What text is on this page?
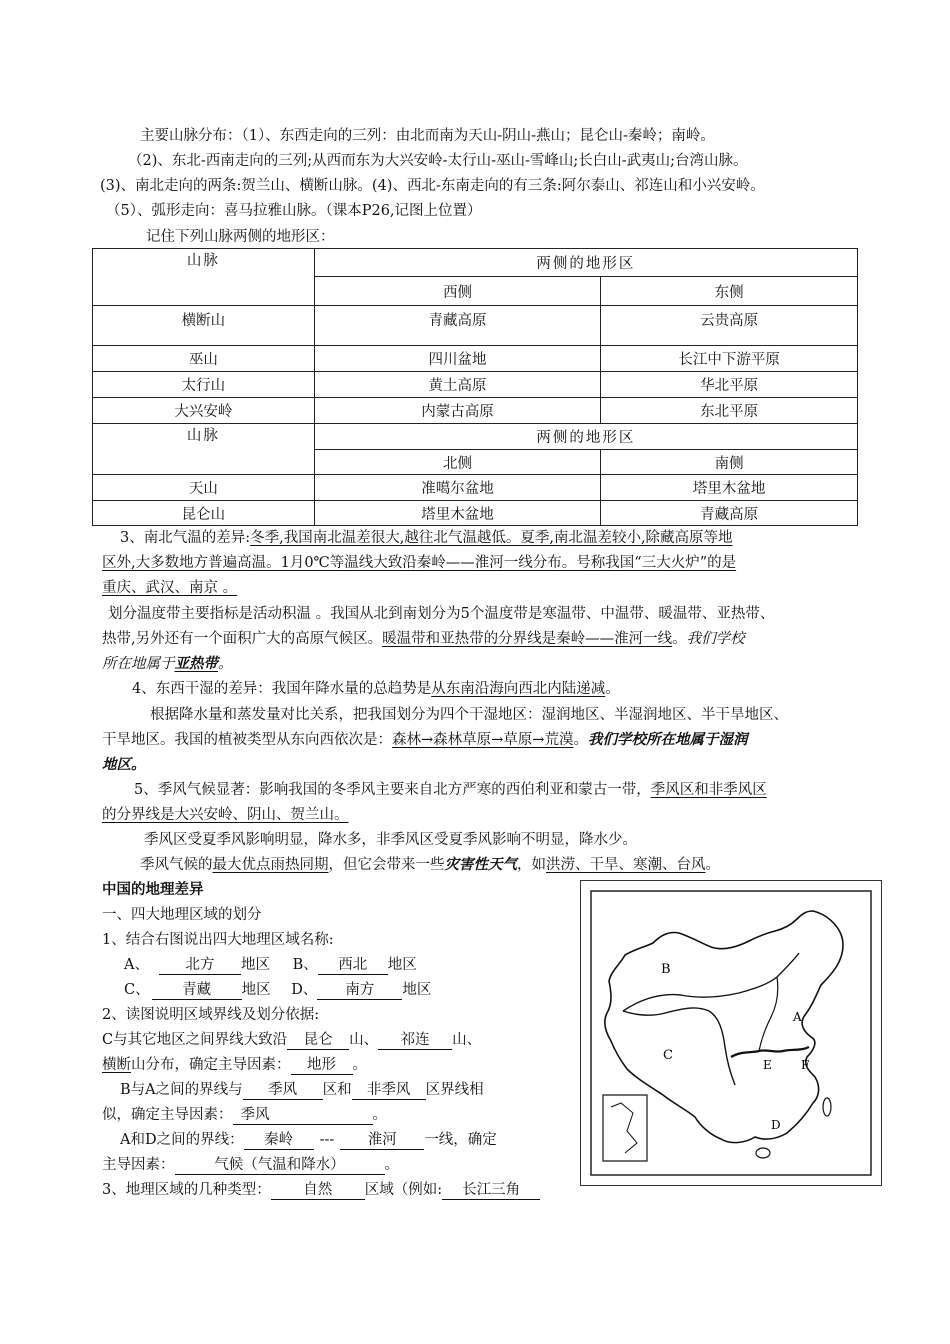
主要山脉分布：（1）、东西走向的三列：由北而南为天山-阴山-燕山；昆仑山-秦岭；南岭。
（2)、东北-西南走向的三列;从西而东为大兴安岭-太行山-巫山-雪峰山;长白山-武夷山;台湾山脉。
(3)、南北走向的两条:贺兰山、横断山脉。(4)、西北-东南走向的有三条:阿尔泰山、祁连山和小兴安岭。
（5）、弧形走向：喜马拉雅山脉。（课本P26,记图上位置）
记住下列山脉两侧的地形区：
山脉	两侧的地形区	
	西侧	东侧
横断山	青藏高原	云贵高原
巫山	四川盆地	长江中下游平原
太行山	黄土高原	华北平原
大兴安岭	内蒙古高原	东北平原
山脉	两侧的地形区	
	北侧	南侧
天山	准噶尔盆地	塔里木盆地
昆仑山	塔里木盆地	青藏高原
3、南北气温的差异:冬季,我国南北温差很大,越往北气温越低。夏季,南北温差较小,除藏高原等地
区外,大多数地方普遍高温。1月0℃等温线大致沿秦岭——淮河一线分布。号称我国“三大火炉”的是
重庆、武汉、南京 。
划分温度带主要指标是活动积温 。我国从北到南划分为5个温度带是寒温带、中温带、暖温带、亚热带、
热带,另外还有一个面积广大的高原气候区。暖温带和亚热带的分界线是秦岭——淮河一线。我们学校
所在地属于亚热带。
4、东西干湿的差异：我国年降水量的总趋势是从东南沿海向西北内陆递减。
根据降水量和蒸发量对比关系，把我国划分为四个干湿地区：湿润地区、半湿润地区、半干旱地区、
干旱地区。我国的植被类型从东向西依次是：森林→森林草原→草原→荒漠。我们学校所在地属于湿润
地区。
5、季风气候显著：影响我国的冬季风主要来自北方严寒的西伯利亚和蒙古一带，季风区和非季风区
的分界线是大兴安岭、阴山、贺兰山。
季风区受夏季风影响明显，降水多，非季风区受夏季风影响不明显，降水少。
季风气候的最大优点雨热同期，但它会带来一些灾害性天气，如洪涝、干旱、寒潮、台风。
中国的地理差异
一、四大地理区域的划分
1、结合右图说出四大地理区域名称:
A、	北方 地区 B、 西北 地区
C、 青藏 地区 D、 南方 地区
2、读图说明区域界线及划分依据:
C与其它地区之间界线大致沿 昆仑 山、 祁连 山、
横断山分布，确定主导因素： 地形 。
B与A之间的界线与 季风 区和 非季风 区界线相
似，确定主导因素： 季风	。
A和D之间的界线： 秦岭 --- 淮河 一线，确定
主导因素：	气候（气温和降水）	。
3、地理区域的几种类型： 自然 区域（例如: 长江三角
B
A
C
E F
D
